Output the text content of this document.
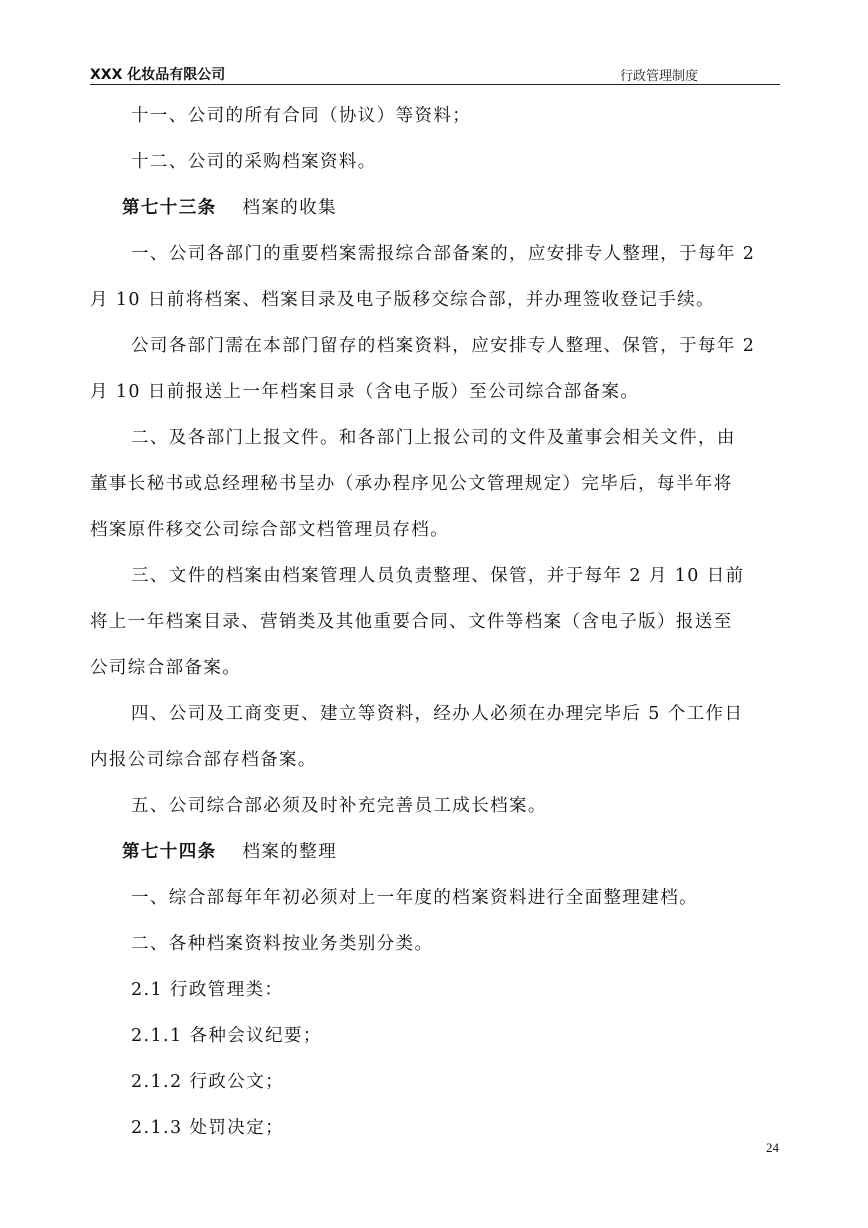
XXX 化妆品有限公司	行政管理制度
十一、公司的所有合同（协议）等资料；
十二、公司的采购档案资料。
第七十三条 档案的收集
一、公司各部门的重要档案需报综合部备案的，应安排专人整理，于每年 2
月 10 日前将档案、档案目录及电子版移交综合部，并办理签收登记手续。
公司各部门需在本部门留存的档案资料，应安排专人整理、保管，于每年 2
月 10 日前报送上一年档案目录（含电子版）至公司综合部备案。
二、及各部门上报文件。和各部门上报公司的文件及董事会相关文件，由
董事长秘书或总经理秘书呈办（承办程序见公文管理规定）完毕后，每半年将
档案原件移交公司综合部文档管理员存档。
三、文件的档案由档案管理人员负责整理、保管，并于每年 2 月 10 日前
将上一年档案目录、营销类及其他重要合同、文件等档案（含电子版）报送至
公司综合部备案。
四、公司及工商变更、建立等资料，经办人必须在办理完毕后 5 个工作日
内报公司综合部存档备案。
五、公司综合部必须及时补充完善员工成长档案。
第七十四条 档案的整理
一、综合部每年年初必须对上一年度的档案资料进行全面整理建档。
二、各种档案资料按业务类别分类。
2.1 行政管理类：
2.1.1 各种会议纪要；
2.1.2 行政公文；
2.1.3 处罚决定；
24
